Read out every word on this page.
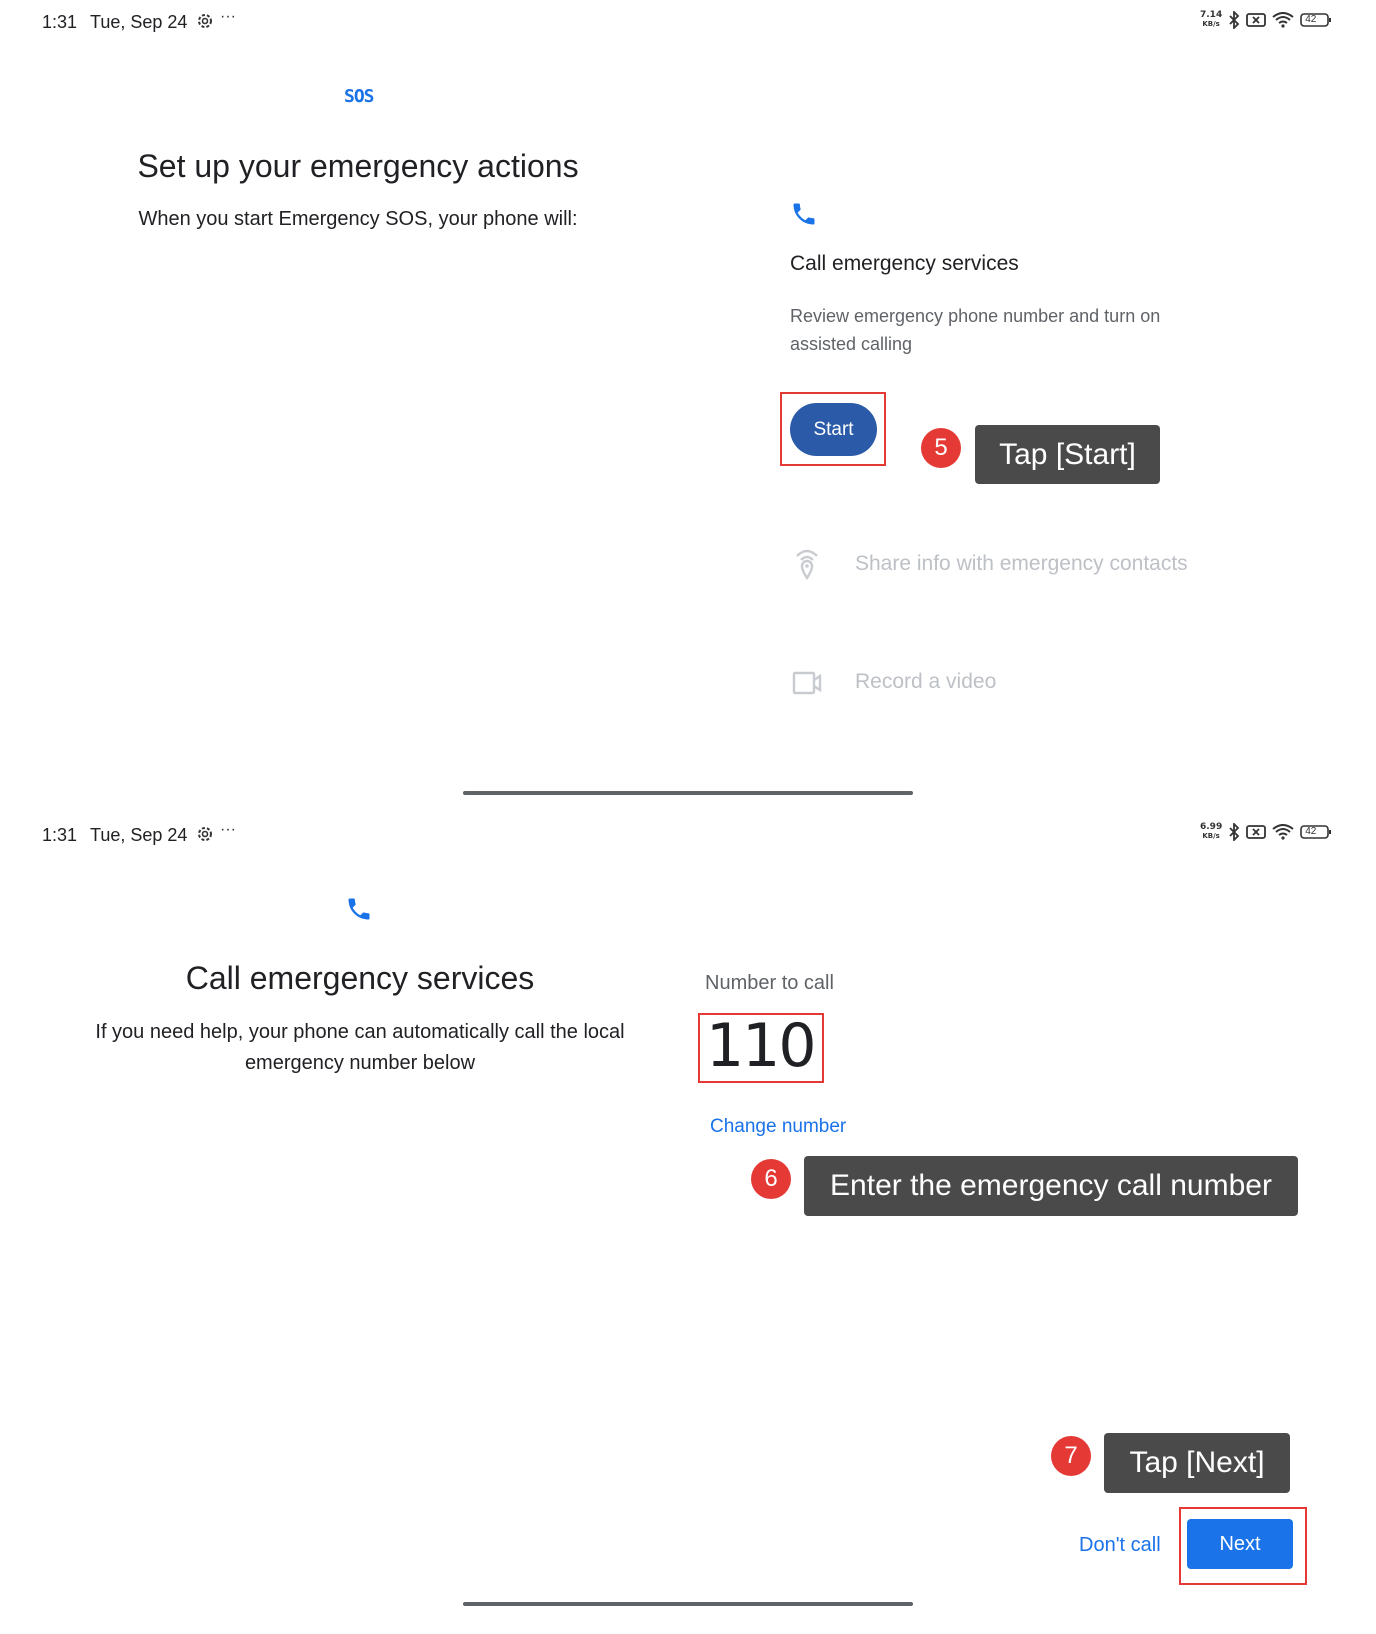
1:31 Tue, Sep 24 ···	7.14
KB/s	42
SOS
Set up your emergency actions
When you start Emergency SOS, your phone will:
Call emergency services
Review emergency phone number and turn on assisted calling
Start
5	Tap [Start]
Share info with emergency contacts
Record a video
1:31 Tue, Sep 24 ···	6.99
KB/s	42
Call emergency services
If you need help, your phone can automatically call the local emergency number below
Number to call
110
Change number
6	Enter the emergency call number
7	Tap [Next]
Don't call	Next
